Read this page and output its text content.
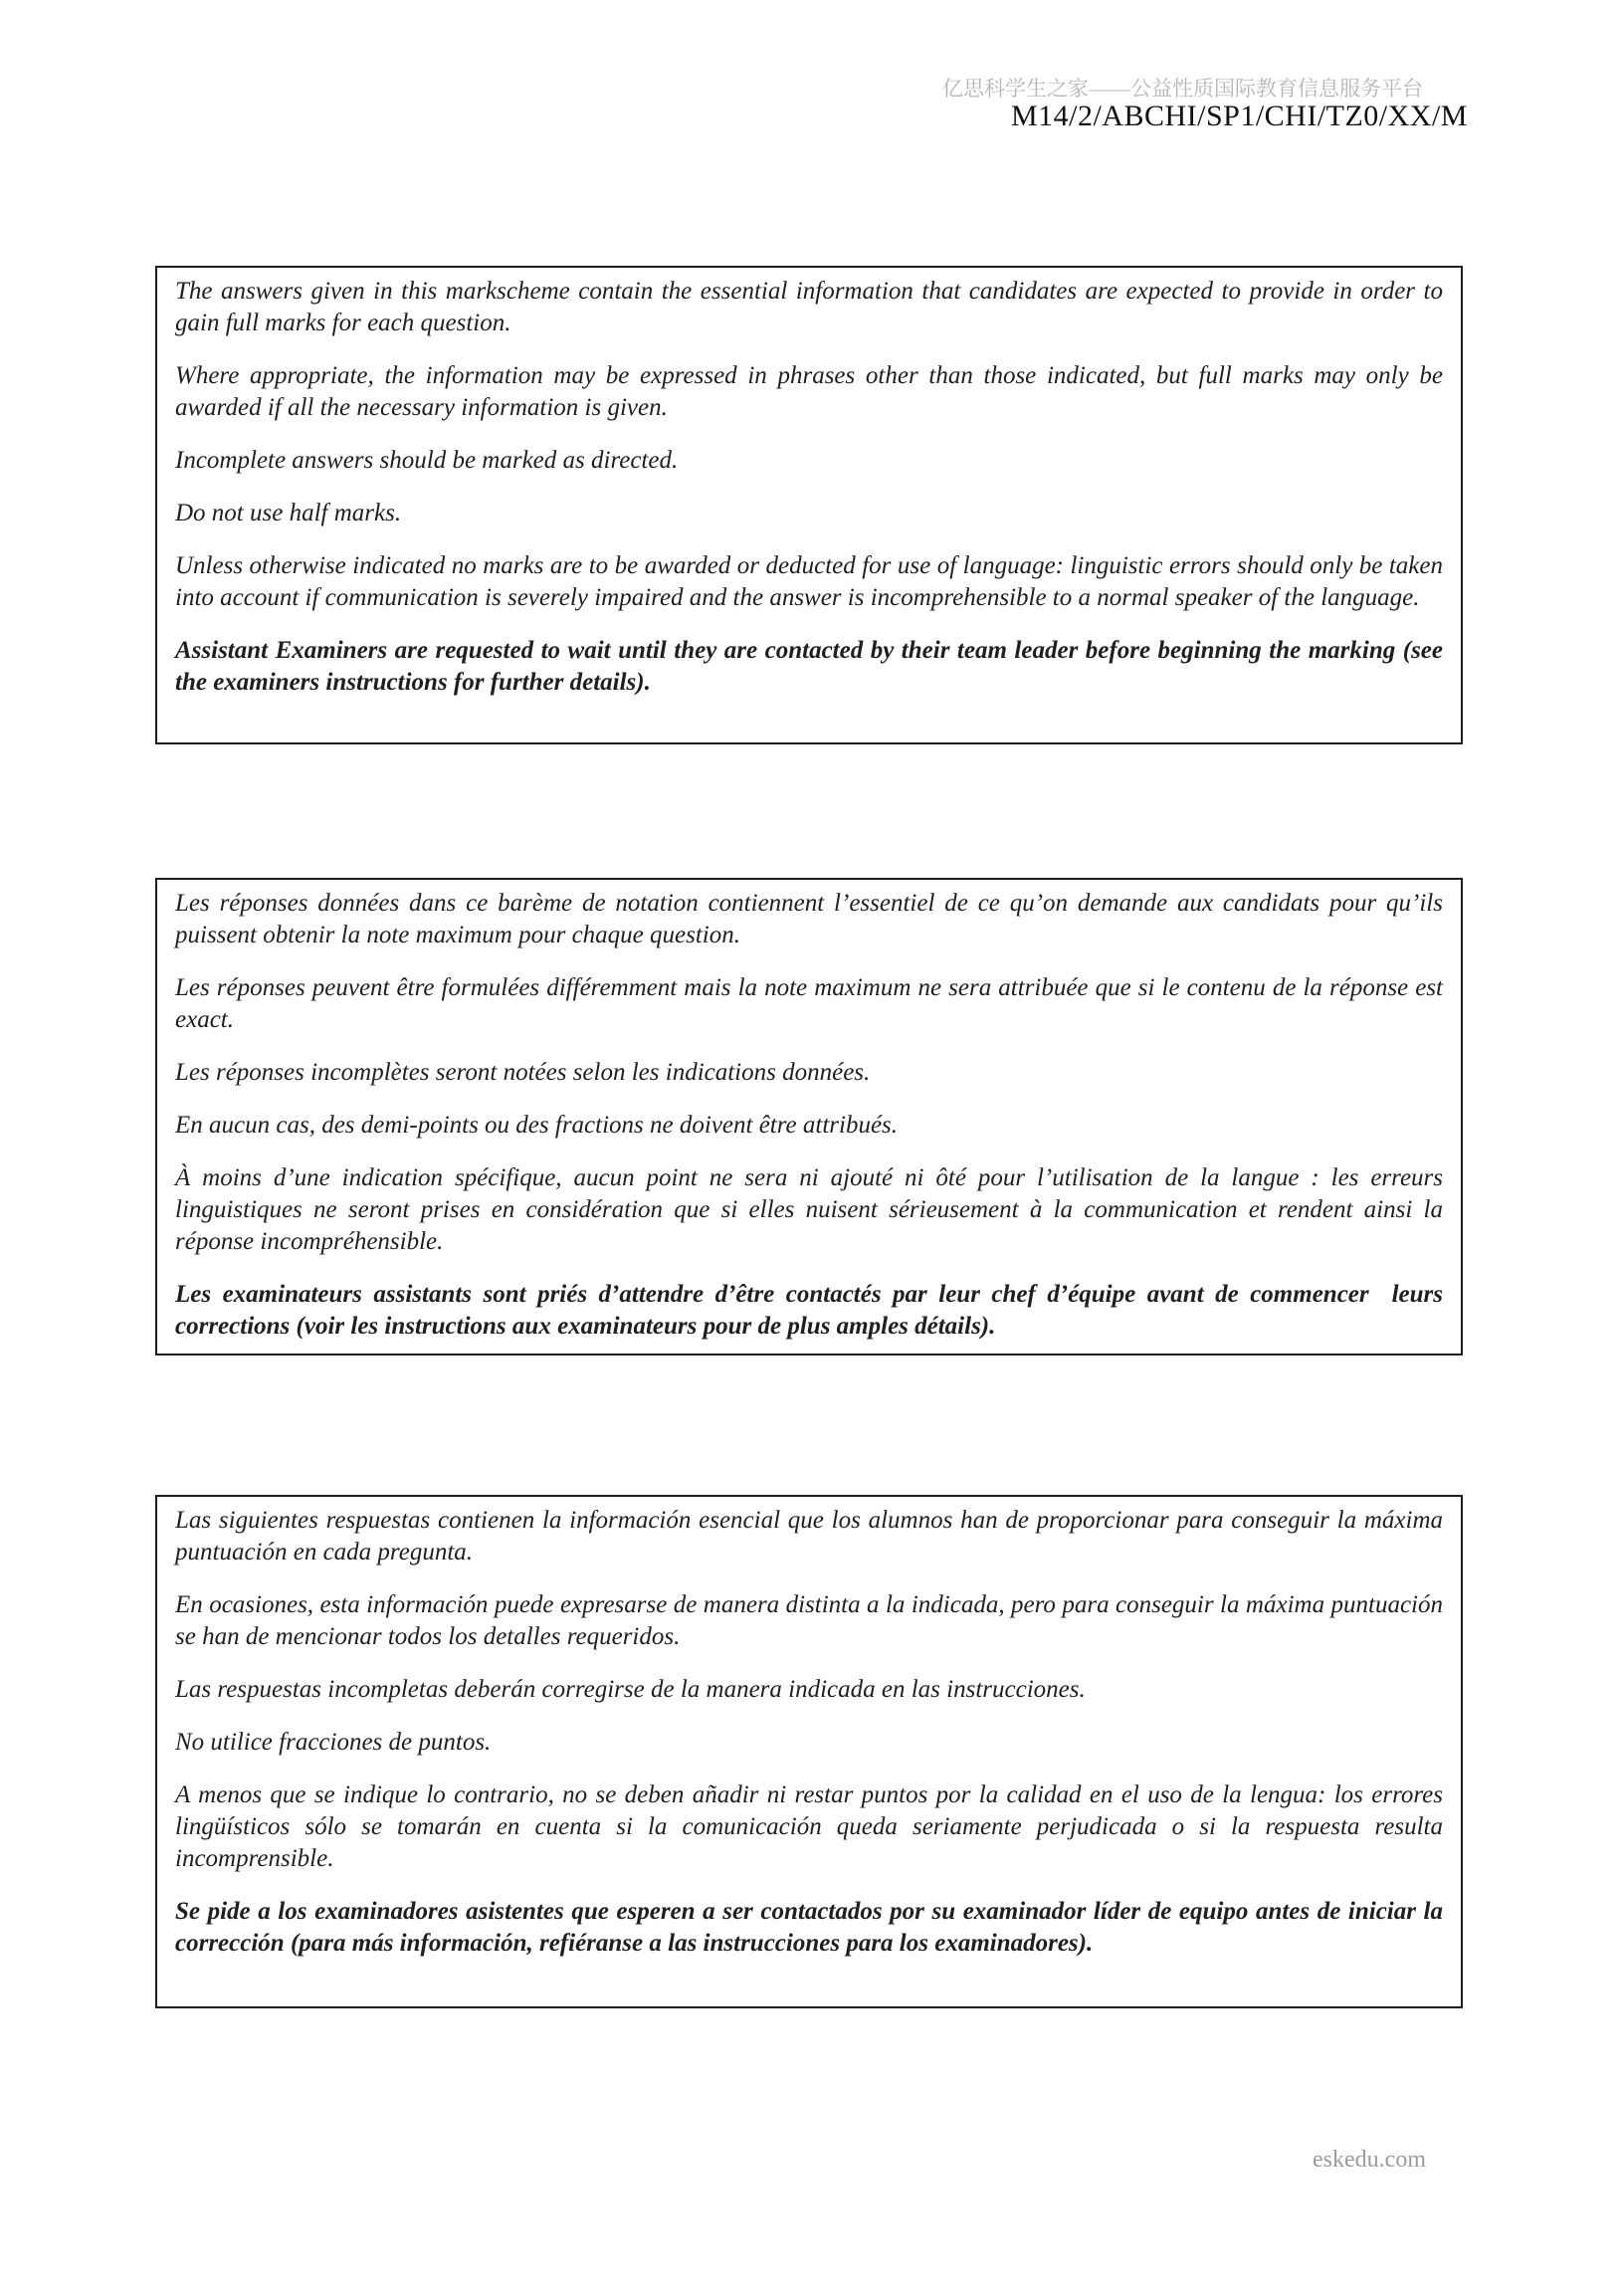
亿思科学生之家——公益性质国际教育信息服务平台
M14/2/ABCHI/SP1/CHI/TZ0/XX/M

The answers given in this markscheme contain the essential information that candidates are expected to provide in order to gain full marks for each question.

Where appropriate, the information may be expressed in phrases other than those indicated, but full marks may only be awarded if all the necessary information is given.

Incomplete answers should be marked as directed.

Do not use half marks.

Unless otherwise indicated no marks are to be awarded or deducted for use of language: linguistic errors should only be taken into account if communication is severely impaired and the answer is incomprehensible to a normal speaker of the language.

Assistant Examiners are requested to wait until they are contacted by their team leader before beginning the marking (see the examiners instructions for further details).

Les réponses données dans ce barème de notation contiennent l’essentiel de ce qu’on demande aux candidats pour qu’ils puissent obtenir la note maximum pour chaque question.

Les réponses peuvent être formulées différemment mais la note maximum ne sera attribuée que si le contenu de la réponse est exact.

Les réponses incomplètes seront notées selon les indications données.

En aucun cas, des demi-points ou des fractions ne doivent être attribués.

À moins d’une indication spécifique, aucun point ne sera ni ajouté ni ôté pour l’utilisation de la langue : les erreurs linguistiques ne seront prises en considération que si elles nuisent sérieusement à la communication et rendent ainsi la réponse incompréhensible.

Les examinateurs assistants sont priés d’attendre d’être contactés par leur chef d’équipe avant de commencer  leurs corrections (voir les instructions aux examinateurs pour de plus amples détails).

Las siguientes respuestas contienen la información esencial que los alumnos han de proporcionar para conseguir la máxima puntuación en cada pregunta.

En ocasiones, esta información puede expresarse de manera distinta a la indicada, pero para conseguir la máxima puntuación se han de mencionar todos los detalles requeridos.

Las respuestas incompletas deberán corregirse de la manera indicada en las instrucciones.

No utilice fracciones de puntos.

A menos que se indique lo contrario, no se deben añadir ni restar puntos por la calidad en el uso de la lengua: los errores lingüísticos sólo se tomarán en cuenta si la comunicación queda seriamente perjudicada o si la respuesta resulta incomprensible.

Se pide a los examinadores asistentes que esperen a ser contactados por su examinador líder de equipo antes de iniciar la corrección (para más información, refiéranse a las instrucciones para los examinadores).

eskedu.com
